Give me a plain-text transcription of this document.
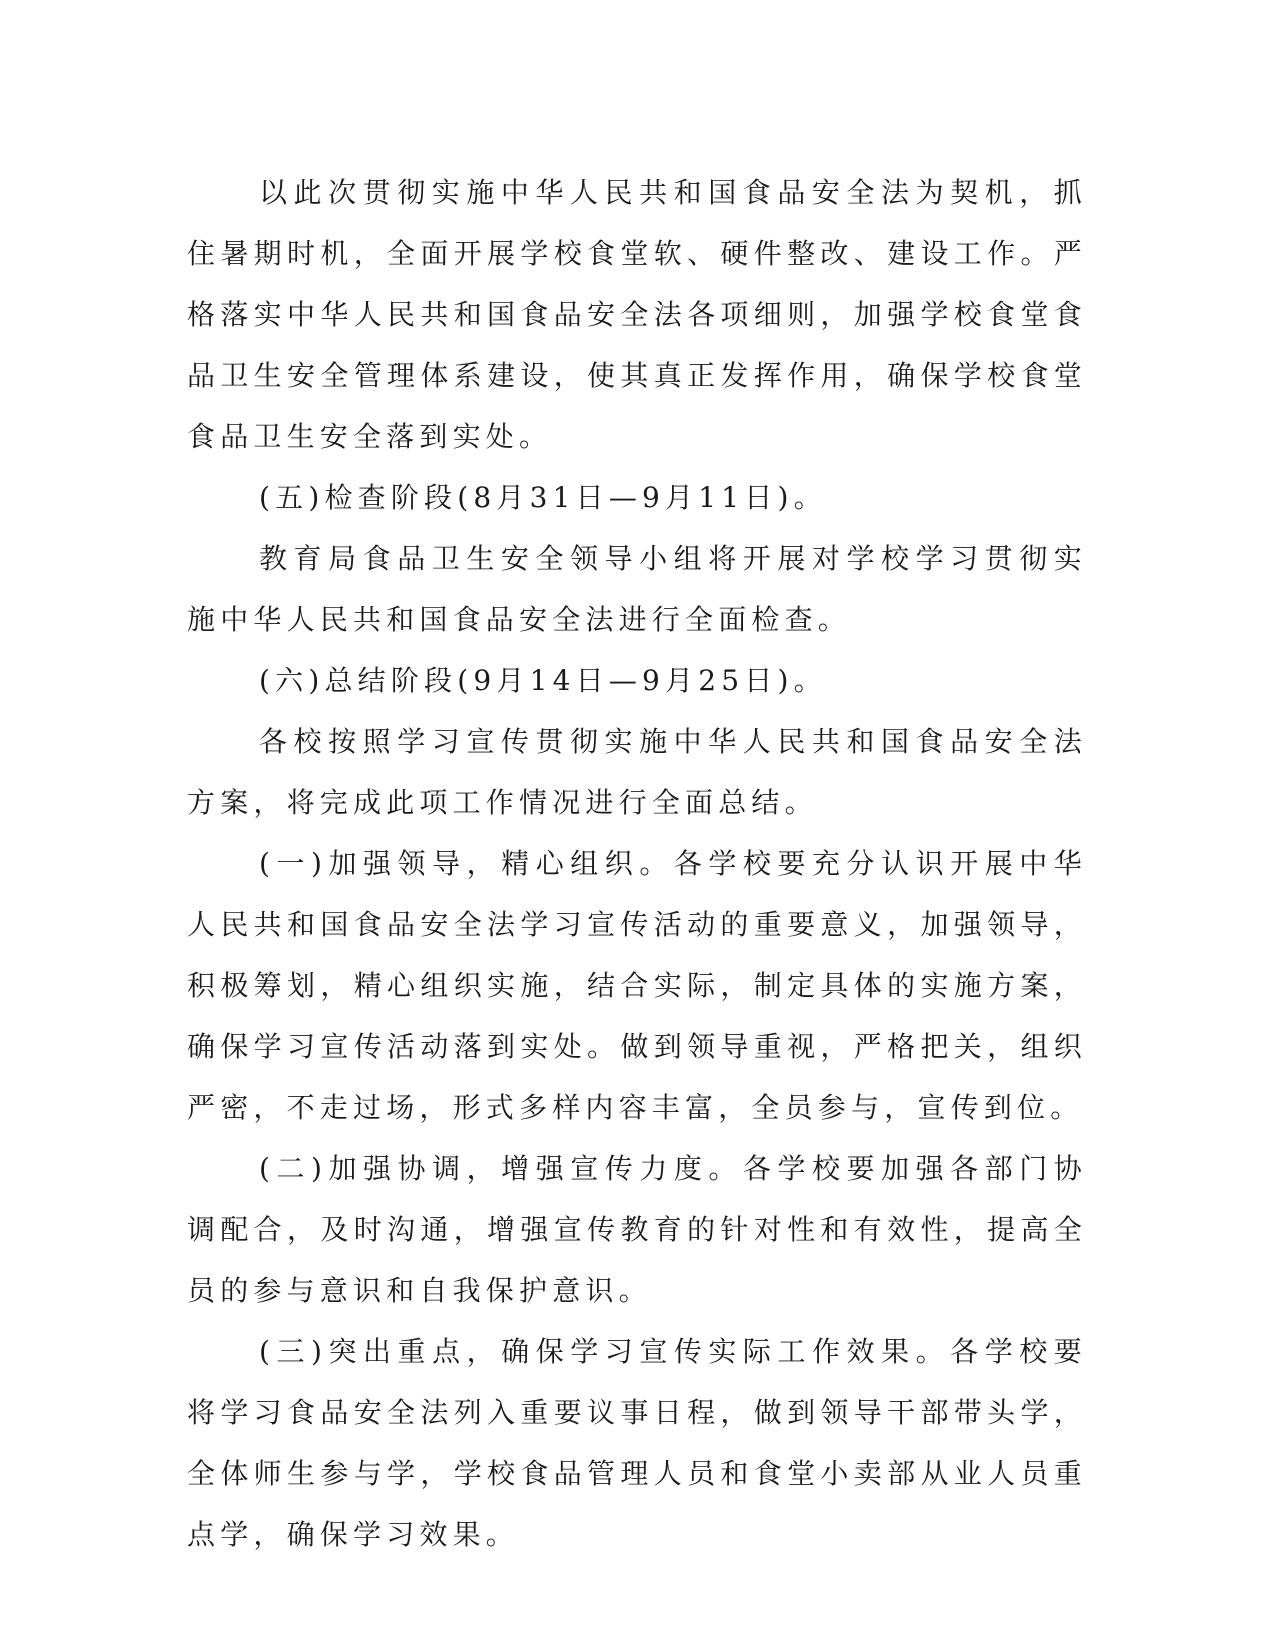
以此次贯彻实施中华人民共和国食品安全法为契机，抓住暑期时机，全面开展学校食堂软、硬件整改、建设工作。严格落实中华人民共和国食品安全法各项细则，加强学校食堂食品卫生安全管理体系建设，使其真正发挥作用，确保学校食堂食品卫生安全落到实处。

(五)检查阶段(8月31日—9月11日)。

教育局食品卫生安全领导小组将开展对学校学习贯彻实施中华人民共和国食品安全法进行全面检查。

(六)总结阶段(9月14日—9月25日)。

各校按照学习宣传贯彻实施中华人民共和国食品安全法方案，将完成此项工作情况进行全面总结。

(一)加强领导，精心组织。各学校要充分认识开展中华人民共和国食品安全法学习宣传活动的重要意义，加强领导，积极筹划，精心组织实施，结合实际，制定具体的实施方案，确保学习宣传活动落到实处。做到领导重视，严格把关，组织严密，不走过场，形式多样内容丰富，全员参与，宣传到位。

(二)加强协调，增强宣传力度。各学校要加强各部门协调配合，及时沟通，增强宣传教育的针对性和有效性，提高全员的参与意识和自我保护意识。

(三)突出重点，确保学习宣传实际工作效果。各学校要将学习食品安全法列入重要议事日程，做到领导干部带头学，全体师生参与学，学校食品管理人员和食堂小卖部从业人员重点学，确保学习效果。
